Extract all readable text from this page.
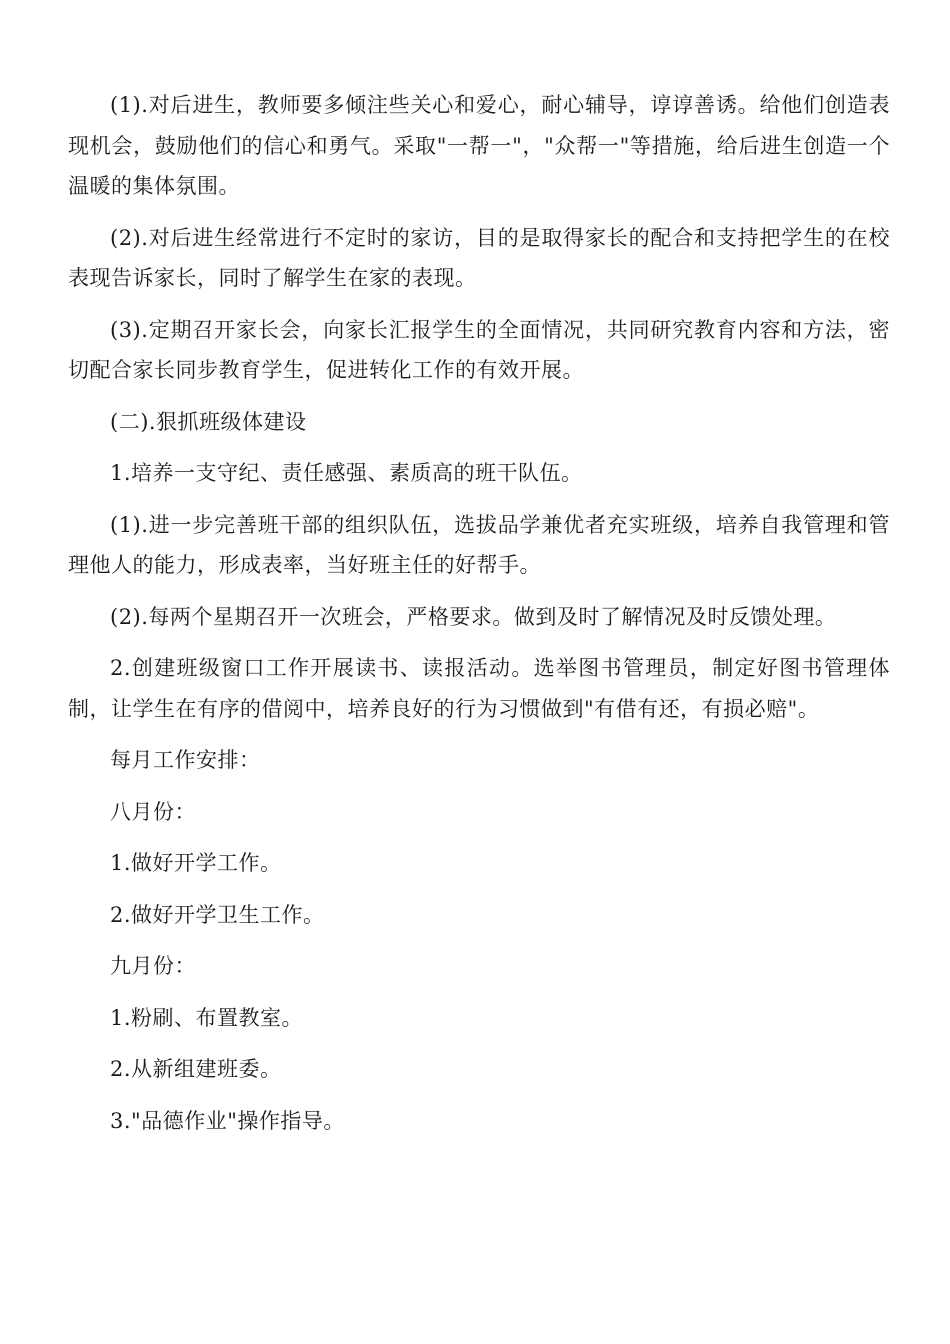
(1).对后进生，教师要多倾注些关心和爱心，耐心辅导，谆谆善诱。给他们创造表现机会，鼓励他们的信心和勇气。采取"一帮一"，"众帮一"等措施，给后进生创造一个温暖的集体氛围。

(2).对后进生经常进行不定时的家访，目的是取得家长的配合和支持把学生的在校表现告诉家长，同时了解学生在家的表现。

(3).定期召开家长会，向家长汇报学生的全面情况，共同研究教育内容和方法，密切配合家长同步教育学生，促进转化工作的有效开展。

(二).狠抓班级体建设

1.培养一支守纪、责任感强、素质高的班干队伍。

(1).进一步完善班干部的组织队伍，选拔品学兼优者充实班级，培养自我管理和管理他人的能力，形成表率，当好班主任的好帮手。

(2).每两个星期召开一次班会，严格要求。做到及时了解情况及时反馈处理。

2.创建班级窗口工作开展读书、读报活动。选举图书管理员，制定好图书管理体制，让学生在有序的借阅中，培养良好的行为习惯做到"有借有还，有损必赔"。

每月工作安排：

八月份：

1.做好开学工作。

2.做好开学卫生工作。

九月份：

1.粉刷、布置教室。

2.从新组建班委。

3."品德作业"操作指导。
